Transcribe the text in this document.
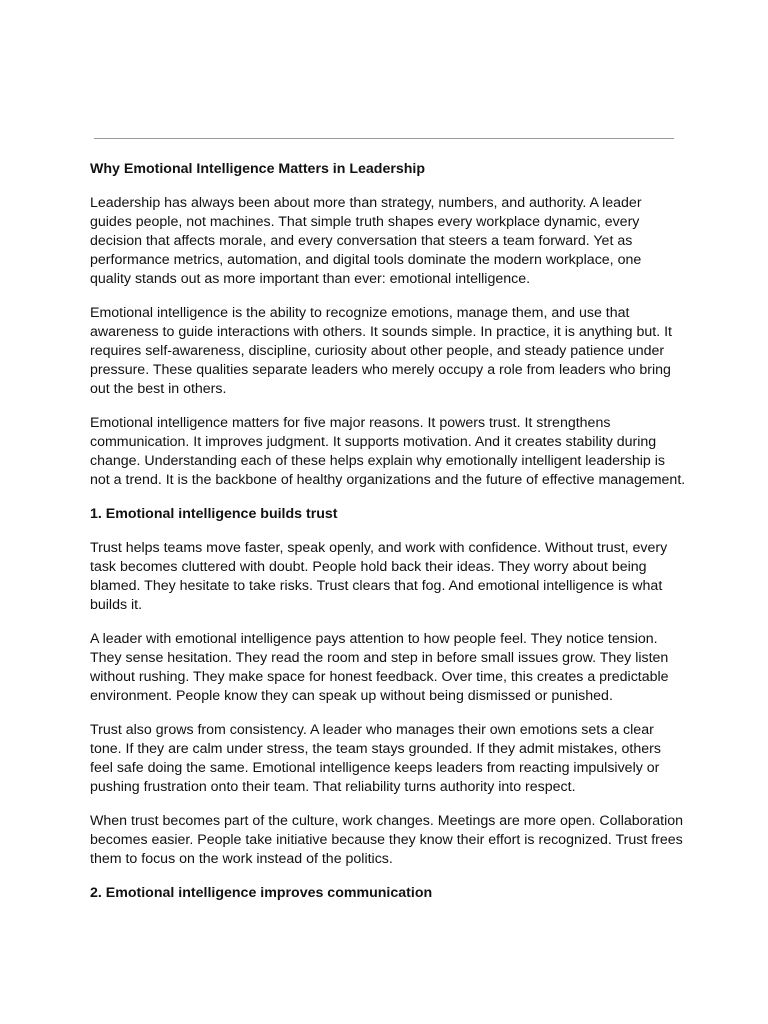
Why Emotional Intelligence Matters in Leadership

Leadership has always been about more than strategy, numbers, and authority. A leader guides people, not machines. That simple truth shapes every workplace dynamic, every decision that affects morale, and every conversation that steers a team forward. Yet as performance metrics, automation, and digital tools dominate the modern workplace, one quality stands out as more important than ever: emotional intelligence.

Emotional intelligence is the ability to recognize emotions, manage them, and use that awareness to guide interactions with others. It sounds simple. In practice, it is anything but. It requires self-awareness, discipline, curiosity about other people, and steady patience under pressure. These qualities separate leaders who merely occupy a role from leaders who bring out the best in others.

Emotional intelligence matters for five major reasons. It powers trust. It strengthens communication. It improves judgment. It supports motivation. And it creates stability during change. Understanding each of these helps explain why emotionally intelligent leadership is not a trend. It is the backbone of healthy organizations and the future of effective management.

1. Emotional intelligence builds trust

Trust helps teams move faster, speak openly, and work with confidence. Without trust, every task becomes cluttered with doubt. People hold back their ideas. They worry about being blamed. They hesitate to take risks. Trust clears that fog. And emotional intelligence is what builds it.

A leader with emotional intelligence pays attention to how people feel. They notice tension. They sense hesitation. They read the room and step in before small issues grow. They listen without rushing. They make space for honest feedback. Over time, this creates a predictable environment. People know they can speak up without being dismissed or punished.

Trust also grows from consistency. A leader who manages their own emotions sets a clear tone. If they are calm under stress, the team stays grounded. If they admit mistakes, others feel safe doing the same. Emotional intelligence keeps leaders from reacting impulsively or pushing frustration onto their team. That reliability turns authority into respect.

When trust becomes part of the culture, work changes. Meetings are more open. Collaboration becomes easier. People take initiative because they know their effort is recognized. Trust frees them to focus on the work instead of the politics.

2. Emotional intelligence improves communication
